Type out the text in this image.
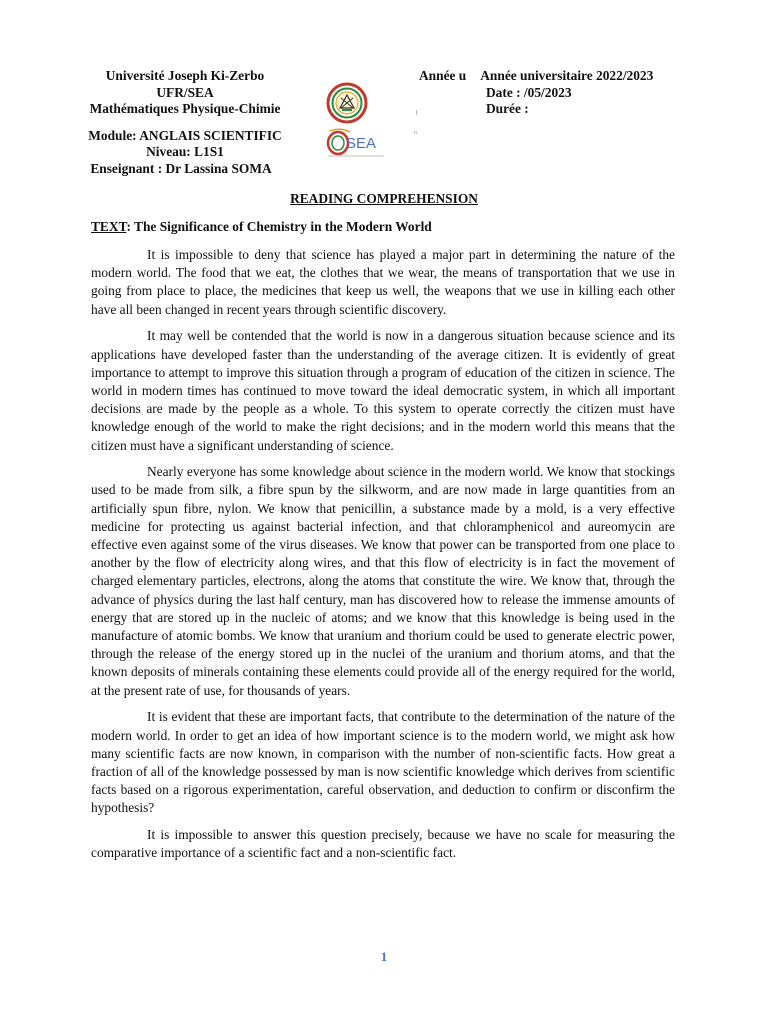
Université Joseph Ki-Zerbo
UFR/SEA
Mathématiques Physique-Chimie
Module: ANGLAIS SCIENTIFIC
Niveau: L1S1
Enseignant : Dr Lassina SOMA
SEA
o
Année u Année universitaire 2022/2023
Date : /05/2023
Durée :
READING COMPREHENSION
TEXT: The Significance of Chemistry in the Modern World

It is impossible to deny that science has played a major part in determining the nature of the modern world. The food that we eat, the clothes that we wear, the means of transportation that we use in going from place to place, the medicines that keep us well, the weapons that we use in killing each other have all been changed in recent years through scientific discovery.

It may well be contended that the world is now in a dangerous situation because science and its applications have developed faster than the understanding of the average citizen. It is evidently of great importance to attempt to improve this situation through a program of education of the citizen in science. The world in modern times has continued to move toward the ideal democratic system, in which all important decisions are made by the people as a whole. To this system to operate correctly the citizen must have knowledge enough of the world to make the right decisions; and in the modern world this means that the citizen must have a significant understanding of science.

Nearly everyone has some knowledge about science in the modern world. We know that stockings used to be made from silk, a fibre spun by the silkworm, and are now made in large quantities from an artificially spun fibre, nylon. We know that penicillin, a substance made by a mold, is a very effective medicine for protecting us against bacterial infection, and that chloramphenicol and aureomycin are effective even against some of the virus diseases. We know that power can be transported from one place to another by the flow of electricity along wires, and that this flow of electricity is in fact the movement of charged elementary particles, electrons, along the atoms that constitute the wire. We know that, through the advance of physics during the last half century, man has discovered how to release the immense amounts of energy that are stored up in the nucleic of atoms; and we know that this knowledge is being used in the manufacture of atomic bombs. We know that uranium and thorium could be used to generate electric power, through the release of the energy stored up in the nuclei of the uranium and thorium atoms, and that the known deposits of minerals containing these elements could provide all of the energy required for the world, at the present rate of use, for thousands of years.

It is evident that these are important facts, that contribute to the determination of the nature of the modern world. In order to get an idea of how important science is to the modern world, we might ask how many scientific facts are now known, in comparison with the number of non-scientific facts. How great a fraction of all of the knowledge possessed by man is now scientific knowledge which derives from scientific facts based on a rigorous experimentation, careful observation, and deduction to confirm or disconfirm the hypothesis?

It is impossible to answer this question precisely, because we have no scale for measuring the comparative importance of a scientific fact and a non-scientific fact.

1
